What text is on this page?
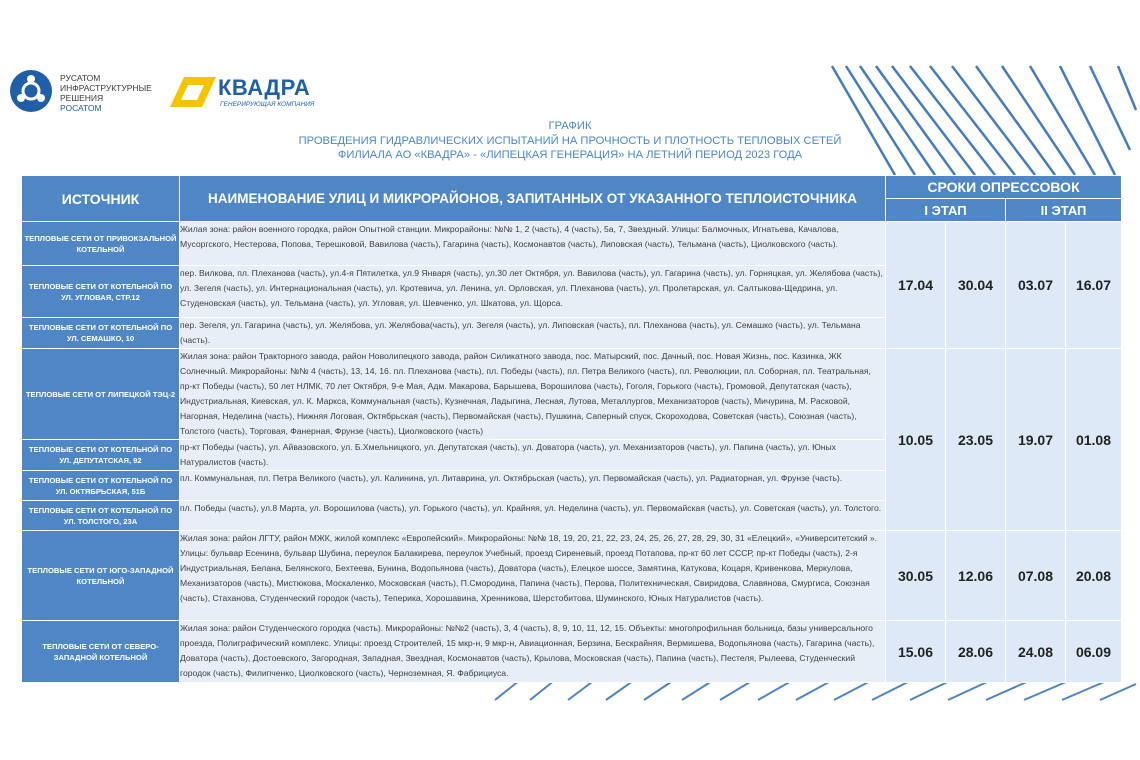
РУСАТОМ
ИНФРАСТРУКТУРНЫЕ
РЕШЕНИЯ
РОСАТОМ
КВАДРА
ГЕНЕРИРУЮЩАЯ КОМПАНИЯ
ГРАФИК
ПРОВЕДЕНИЯ ГИДРАВЛИЧЕСКИХ ИСПЫТАНИЙ НА ПРОЧНОСТЬ И ПЛОТНОСТЬ ТЕПЛОВЫХ СЕТЕЙ
ФИЛИАЛА АО «КВАДРА» - «ЛИПЕЦКАЯ ГЕНЕРАЦИЯ» НА ЛЕТНИЙ ПЕРИОД 2023 ГОДА
ИСТОЧНИК	НАИМЕНОВАНИЕ УЛИЦ И МИКРОРАЙОНОВ, ЗАПИТАННЫХ ОТ УКАЗАННОГО ТЕПЛОИСТОЧНИКА	СРОКИ ОПРЕССОВОК			
		I ЭТАП		II ЭТАП	
ТЕПЛОВЫЕ СЕТИ ОТ ПРИВОКЗАЛЬНОЙ КОТЕЛЬНОЙ	Жилая зона: район военного городка, район Опытной станции. Микрорайоны: №№ 1, 2 (часть), 4 (часть), 5а, 7, Звездный. Улицы: Балмочных, Игнатьева, Качалова, Мусоргского, Нестерова, Попова, Терешковой, Вавилова (часть), Гагарина (часть), Космонавтов (часть), Липовская (часть), Тельмана (часть), Циолковского (часть).	17.04	30.04	03.07	16.07
ТЕПЛОВЫЕ СЕТИ ОТ КОТЕЛЬНОЙ ПО УЛ. УГЛОВАЯ, СТР.12	пер. Вилкова, пл. Плеханова (часть), ул.4-я Пятилетка, ул.9 Января (часть), ул.30 лет Октября, ул. Вавилова (часть), ул. Гагарина (часть), ул. Горняцкая, ул. Желябова (часть), ул. Зегеля (часть), ул. Интернациональная (часть), ул. Кротевича, ул. Ленина, ул. Орловская, ул. Плеханова (часть), ул. Пролетарская, ул. Салтыкова-Щедрина, ул. Студеновская (часть), ул. Тельмана (часть), ул. Угловая, ул. Шевченко, ул. Шкатова, ул. Щорса.				
ТЕПЛОВЫЕ СЕТИ ОТ КОТЕЛЬНОЙ ПО УЛ. СЕМАШКО, 10	пер. Зегеля, ул. Гагарина (часть), ул. Желябова, ул. Желябова(часть), ул. Зегеля (часть), ул. Липовская (часть), пл. Плеханова (часть), ул. Семашко (часть), ул. Тельмана (часть).				
ТЕПЛОВЫЕ СЕТИ ОТ ЛИПЕЦКОЙ ТЭЦ-2	Жилая зона: район Тракторного завода, район Новолипецкого завода, район Силикатного завода, пос. Матырский, пос. Дачный, пос. Новая Жизнь, пос. Казинка, ЖК Солнечный. Микрорайоны: №№ 4 (часть), 13, 14, 16. пл. Плеханова (часть), пл. Победы (часть), пл. Петра Великого (часть), пл. Революции, пл. Соборная, пл. Театральная, пр-кт Победы (часть), 50 лет НЛМК, 70 лет Октября, 9-е Мая, Адм. Макарова, Барышева, Ворошилова (часть), Гоголя, Горького (часть), Громовой, Депутатская (часть), Индустриальная, Киевская, ул. К. Маркса, Коммунальная (часть), Кузнечная, Ладыгина, Лесная, Лутова, Металлургов, Механизаторов (часть), Мичурина, М. Расковой, Нагорная, Неделина (часть), Нижняя Логовая, Октябрьская (часть), Первомайская (часть), Пушкина, Саперный спуск, Скороходова, Советская (часть), Союзная (часть), Толстого (часть), Торговая, Фанерная, Фрунзе (часть), Циолковского (часть)	10.05	23.05	19.07	01.08
ТЕПЛОВЫЕ СЕТИ ОТ КОТЕЛЬНОЙ ПО УЛ. ДЕПУТАТСКАЯ, 92	пр-кт Победы (часть), ул. Айвазовского, ул. Б.Хмельницкого, ул. Депутатская (часть), ул. Доватора (часть), ул. Механизаторов (часть), ул. Папина (часть), ул. Юных Натуралистов (часть).				
ТЕПЛОВЫЕ СЕТИ ОТ КОТЕЛЬНОЙ ПО УЛ. ОКТЯБРЬСКАЯ, 51Б	пл. Коммунальная, пл. Петра Великого (часть), ул. Калинина, ул. Литаврина, ул. Октябрьская (часть), ул. Первомайская (часть), ул. Радиаторная, ул. Фрунзе (часть).				
ТЕПЛОВЫЕ СЕТИ ОТ КОТЕЛЬНОЙ ПО УЛ. ТОЛСТОГО, 23А	пл. Победы (часть), ул.8 Марта, ул. Ворошилова (часть), ул. Горького (часть), ул. Крайняя, ул. Неделина (часть), ул. Первомайская (часть), ул. Советская (часть), ул. Толстого.				
ТЕПЛОВЫЕ СЕТИ ОТ ЮГО-ЗАПАДНОЙ КОТЕЛЬНОЙ	Жилая зона: район ЛГТУ, район МЖК, жилой комплекс «Европейский». Микрорайоны: №№ 18, 19, 20, 21, 22, 23, 24, 25, 26, 27, 28, 29, 30, 31 «Елецкий», «Университетский ». Улицы: бульвар Есенина, бульвар Шубина, переулок Балакирева, переулок Учебный, проезд Сиреневый, проезд Потапова, пр-кт 60 лет СССР, пр-кт Победы (часть), 2-я Индустриальная, Белана, Белянского, Бехтеева, Бунина, Водопьянова (часть), Доватора (часть), Елецкое шоссе, Замятина, Катукова, Коцаря, Кривенкова, Меркулова, Механизаторов (часть), Мистюкова, Москаленко, Московская (часть), П.Смородина, Папина (часть), Перова, Политехническая, Свиридова, Славянова, Смургиса, Союзная (часть), Стаханова, Студенческий городок (часть), Теперика, Хорошавина, Хренникова, Шерстобитова, Шуминского, Юных Натуралистов (часть).	30.05	12.06	07.08	20.08
ТЕПЛОВЫЕ СЕТИ ОТ СЕВЕРО-ЗАПАДНОЙ КОТЕЛЬНОЙ	Жилая зона: район Студенческого городка (часть). Микрорайоны: №№2 (часть), 3, 4 (часть), 8, 9, 10, 11, 12, 15. Объекты: многопрофильная больница, базы универсального проезда, Полиграфический комплекс. Улицы: проезд Строителей, 15 мкр-н, 9 мкр-н, Авиационная, Берзина, Бескрайняя, Вермишева, Водопьянова (часть), Гагарина (часть), Доватора (часть), Достоевского, Загородная, Западная, Звездная, Космонавтов (часть), Крылова, Московская (часть), Папина (часть), Пестеля, Рылеева, Студенческий городок (часть), Филипченко, Циолковского (часть), Черноземная, Я. Фабрициуса.	15.06	28.06	24.08	06.09
